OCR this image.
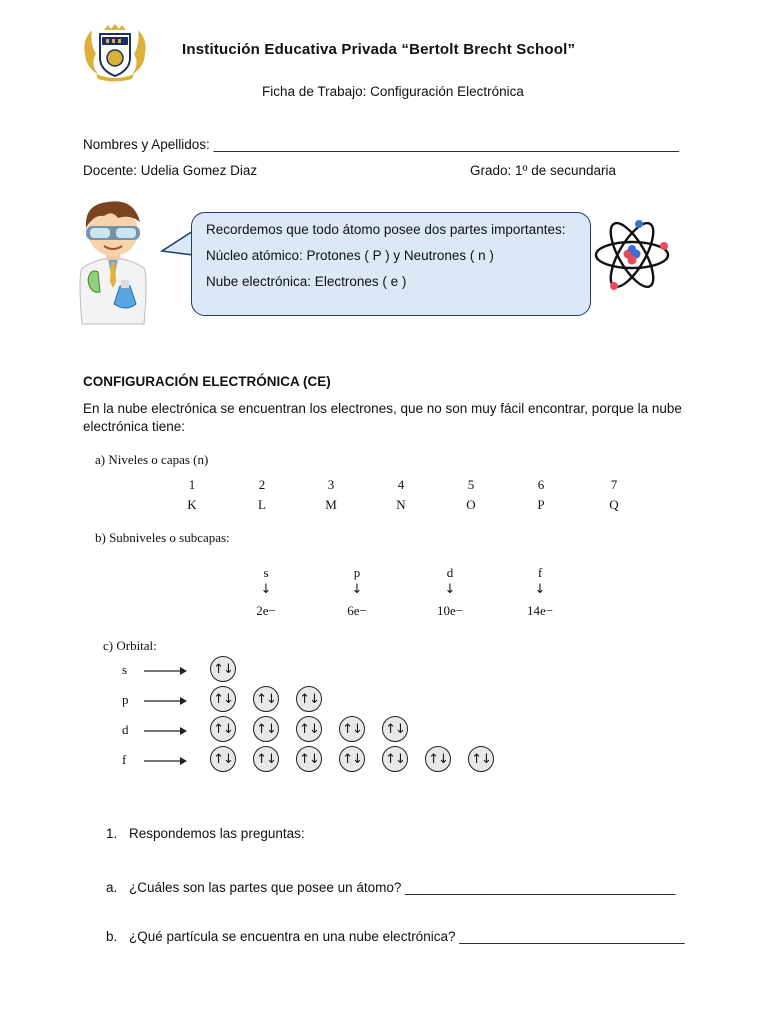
Institución Educativa Privada “Bertolt Brecht School”
Ficha de Trabajo: Configuración Electrónica
Nombres y Apellidos: ______________________________________________________________
Docente: Udelia Gomez Diaz	Grado: 1º de secundaria

Recordemos que todo átomo posee dos partes importantes:

Núcleo atómico: Protones ( P ) y Neutrones ( n )

Nube electrónica: Electrones ( e )

CONFIGURACIÓN ELECTRÓNICA (CE)
En la nube electrónica se encuentran los electrones, que no son muy fácil encontrar, porque la nube electrónica tiene:
a) Niveles o capas (n)
1	2	3	4	5	6	7
K	L	M	N	O	P	Q
b) Subniveles o subcapas:
s	p	d	f
↓	↓	↓	↓
2e−	6e−	10e−	14e−
c) Orbital:
s	↑↓
p	↑↓ ↑↓ ↑↓
d	↑↓ ↑↓ ↑↓ ↑↓ ↑↓
f	↑↓ ↑↓ ↑↓ ↑↓ ↑↓ ↑↓ ↑↓
1. Respondemos las preguntas:
a. ¿Cuáles son las partes que posee un átomo? ____________________________________
b. ¿Qué partícula se encuentra en una nube electrónica? ______________________________
